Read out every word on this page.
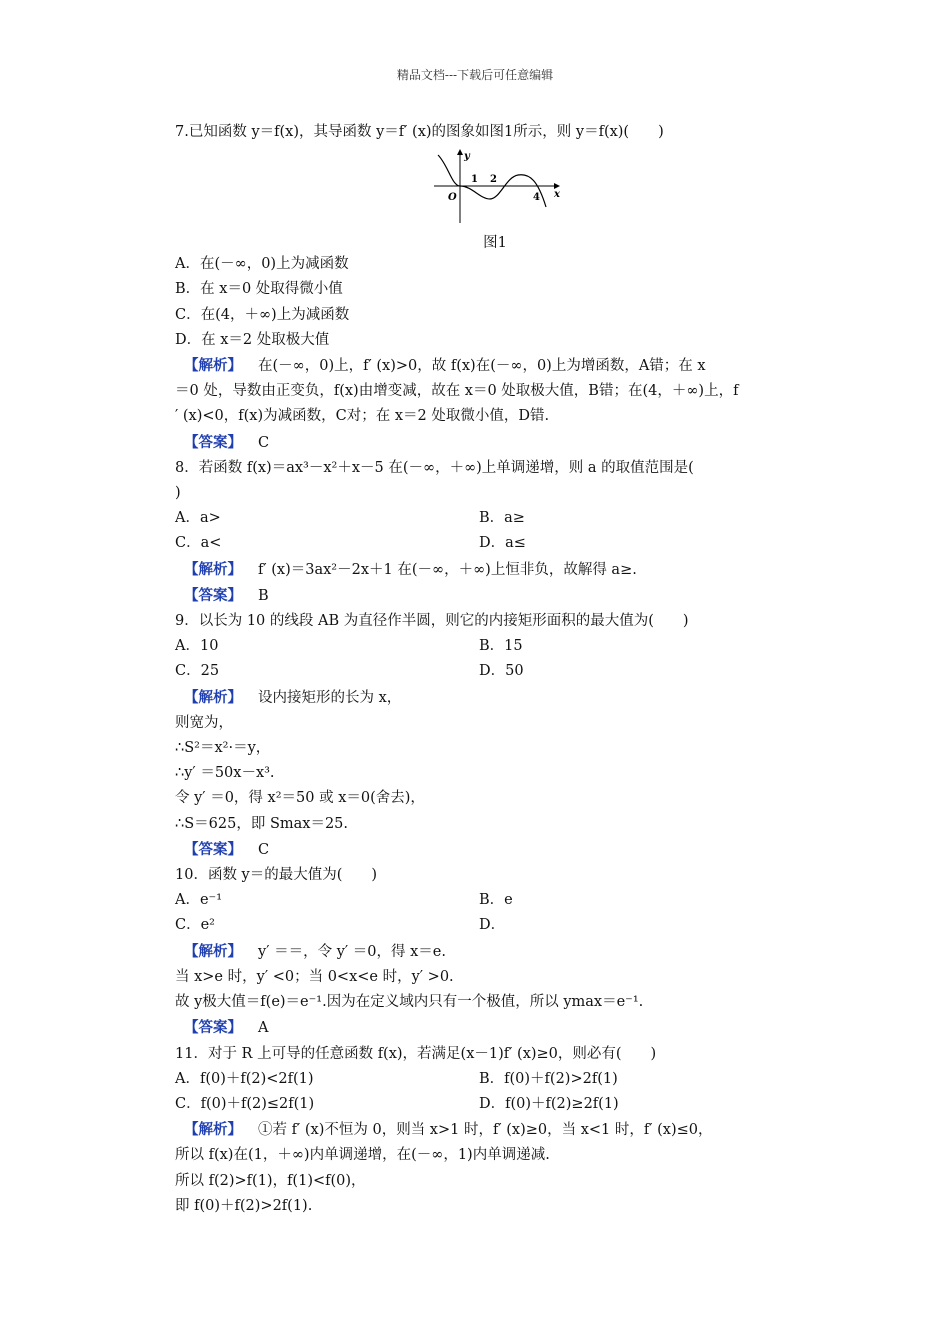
精品文档---下载后可任意编辑
7.已知函数 y＝f(x)，其导函数 y＝f′ (x)的图象如图1所示，则 y＝f(x)(　　)
y
x
O
1 2
4
图1
A．在(－∞，0)上为减函数
B．在 x＝0 处取得微小值
C．在(4，＋∞)上为减函数
D．在 x＝2 处取极大值
【解析】 在(－∞，0)上，f′ (x)>0，故 f(x)在(－∞，0)上为增函数，A错；在 x
＝0 处，导数由正变负，f(x)由增变减，故在 x＝0 处取极大值，B错；在(4，＋∞)上，f
′ (x)<0，f(x)为减函数，C对；在 x＝2 处取微小值，D错.
【答案】 C
8．若函数 f(x)＝ax³－x²＋x－5 在(－∞，＋∞)上单调递增，则 a 的取值范围是(
)
A．a>	B．a≥
C．a<	D．a≤
【解析】 f′ (x)＝3ax²－2x＋1 在(－∞，＋∞)上恒非负，故解得 a≥.
【答案】 B
9．以长为 10 的线段 AB 为直径作半圆，则它的内接矩形面积的最大值为(　　)
A．10	B．15
C．25	D．50
【解析】 设内接矩形的长为 x，
则宽为，
∴S²＝x²·＝y，
∴y′ ＝50x－x³.
令 y′ ＝0，得 x²＝50 或 x＝0(舍去)，
∴S＝625，即 Smax＝25.
【答案】 C
10．函数 y＝的最大值为(　　)
A．e⁻¹	B．e
C．e²	D．
【解析】 y′ ＝＝，令 y′ ＝0，得 x＝e.
当 x>e 时，y′ <0；当 0<x<e 时，y′ >0.
故 y极大值＝f(e)＝e⁻¹.因为在定义域内只有一个极值，所以 ymax＝e⁻¹.
【答案】 A
11．对于 R 上可导的任意函数 f(x)，若满足(x－1)f′ (x)≥0，则必有(　　)
A．f(0)＋f(2)<2f(1)	B．f(0)＋f(2)>2f(1)
C．f(0)＋f(2)≤2f(1)	D．f(0)＋f(2)≥2f(1)
【解析】 ①若 f′ (x)不恒为 0，则当 x>1 时，f′ (x)≥0，当 x<1 时，f′ (x)≤0，
所以 f(x)在(1，＋∞)内单调递增，在(－∞，1)内单调递减.
所以 f(2)>f(1)，f(1)<f(0)，
即 f(0)＋f(2)>2f(1).
